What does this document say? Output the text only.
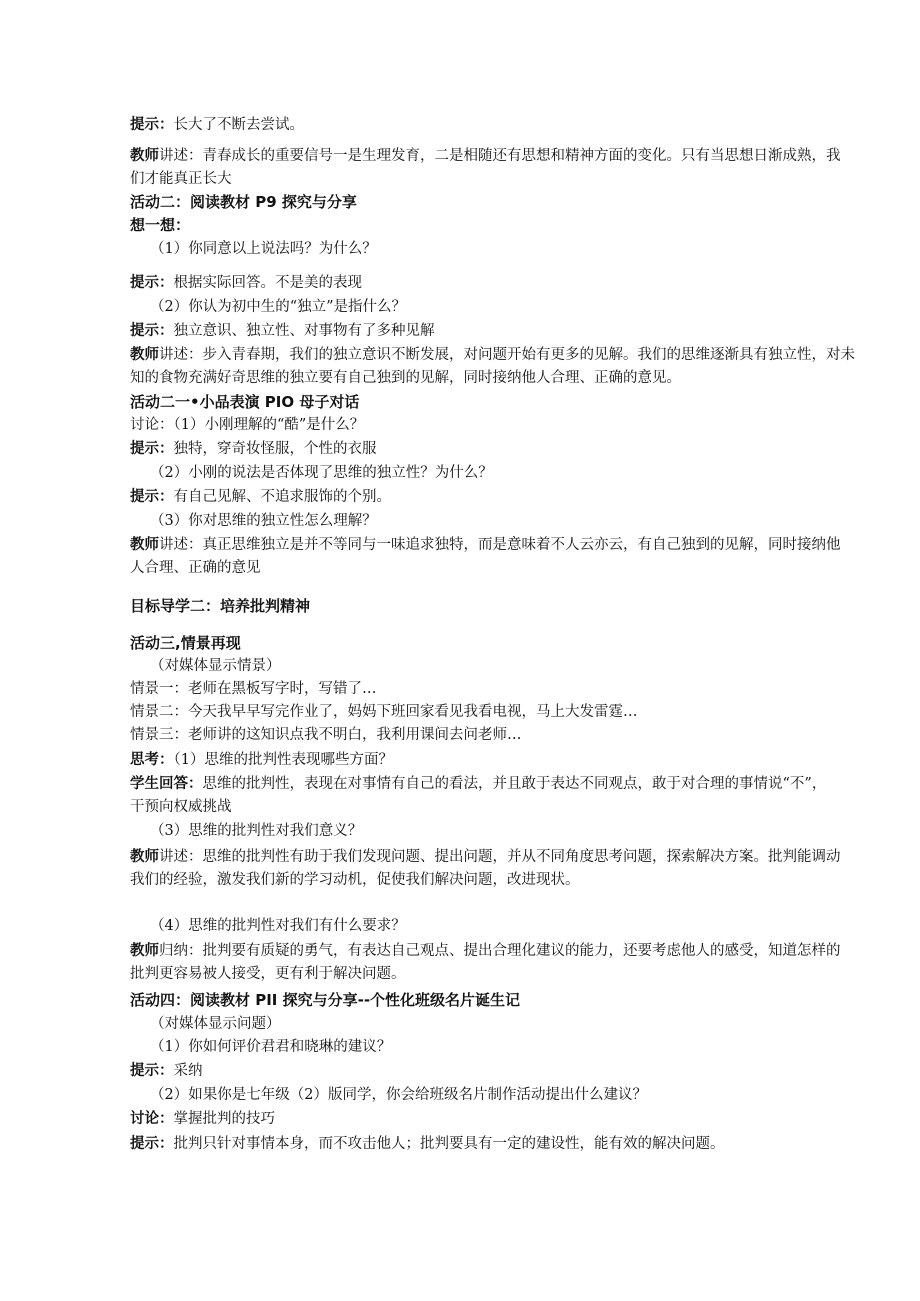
提示：长大了不断去尝试。
教师讲述：青春成长的重要信号一是生理发育，二是相随还有思想和精神方面的变化。只有当思想日渐成熟，我
们才能真正长大
活动二：阅读教材 P9 探究与分享
想一想：
（1）你同意以上说法吗？为什么？
提示：根据实际回答。不是美的表现
（2）你认为初中生的“独立”是指什么？
提示：独立意识、独立性、对事物有了多种见解
教师讲述：步入青春期，我们的独立意识不断发展，对问题开始有更多的见解。我们的思维逐渐具有独立性，对未
知的食物充满好奇思维的独立要有自己独到的见解，同时接纳他人合理、正确的意见。
活动二一•小品表演 PIO 母子对话
讨论：（1）小刚理解的“酷”是什么？
提示：独特，穿奇妆怪服，个性的衣服
（2）小刚的说法是否体现了思维的独立性？为什么？
提示：有自己见解、不追求服饰的个别。
（3）你对思维的独立性怎么理解？
教师讲述：真正思维独立是并不等同与一味追求独特，而是意味着不人云亦云，有自己独到的见解，同时接纳他
人合理、正确的意见
目标导学二：培养批判精神
活动三,情景再现
（对媒体显示情景）
情景一：老师在黑板写字时，写错了…
情景二：今天我早早写完作业了，妈妈下班回家看见我看电视，马上大发雷霆…
情景三：老师讲的这知识点我不明白，我利用课间去问老师…
思考：（1）思维的批判性表现哪些方面？
学生回答：思维的批判性，表现在对事情有自己的看法，并且敢于表达不同观点，敢于对合理的事情说“不”，
干预向权威挑战
（3）思维的批判性对我们意义？
教师讲述：思维的批判性有助于我们发现问题、提出问题，并从不同角度思考问题，探索解决方案。批判能调动
我们的经验，激发我们新的学习动机，促使我们解决问题，改进现状。
（4）思维的批判性对我们有什么要求？
教师归纳：批判要有质疑的勇气，有表达自己观点、提出合理化建议的能力，还要考虑他人的感受，知道怎样的
批判更容易被人接受，更有利于解决问题。
活动四：阅读教材 PII 探究与分享--个性化班级名片诞生记
（对媒体显示问题）
（1）你如何评价君君和晓琳的建议？
提示：采纳
（2）如果你是七年级（2）版同学，你会给班级名片制作活动提出什么建议？
讨论：掌握批判的技巧
提示：批判只针对事情本身，而不攻击他人；批判要具有一定的建设性，能有效的解决问题。
